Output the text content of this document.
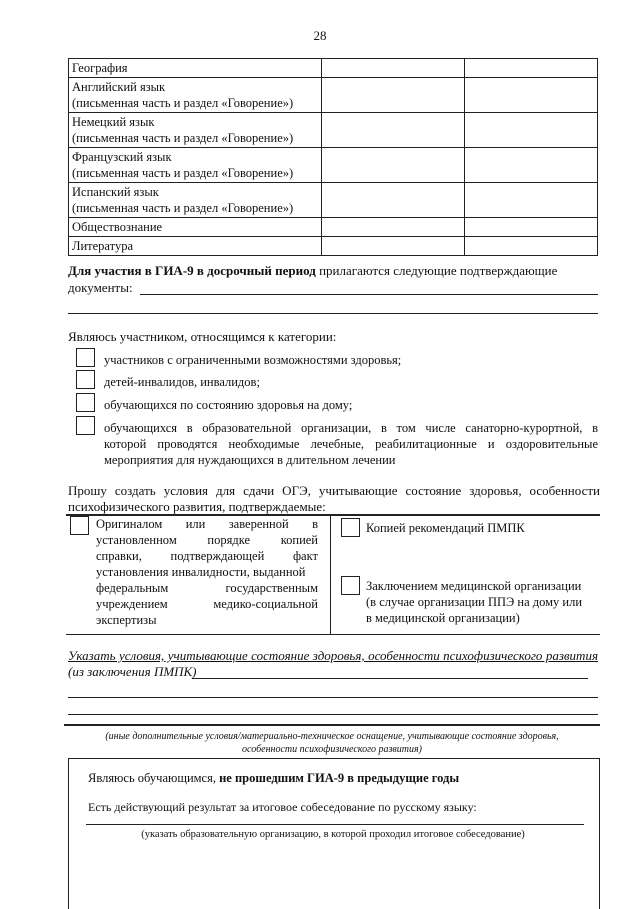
28
География		

Английский язык
(письменная часть и раздел «Говорение»)		

Немецкий язык
(письменная часть и раздел «Говорение»)		

Французский язык
(письменная часть и раздел «Говорение»)		

Испанский язык
(письменная часть и раздел «Говорение»)		

Обществознание		

Литература		

Для участия в ГИА-9 в досрочный период прилагаются следующие подтверждающие
документы:
Являюсь участником, относящимся к категории:
участников с ограниченными возможностями здоровья;
детей-инвалидов, инвалидов;
обучающихся по состоянию здоровья на дому;
обучающихся в образовательной организации, в том числе санаторно-курортной, в
которой проводятся необходимые лечебные, реабилитационные и оздоровительные
мероприятия для нуждающихся в длительном лечении
Прошу создать условия для сдачи ОГЭ, учитывающие состояние здоровья, особенности
психофизического развития, подтверждаемые:
Оригиналом или заверенной в
установленном порядке копией
справки, подтверждающей факт
установления инвалидности, выданной
федеральным	государственным
учреждением	медико-социальной
экспертизы
Копией рекомендаций ПМПК
Заключением медицинской организации
(в случае организации ППЭ на дому или
в медицинской организации)
Указать условия, учитывающие состояние здоровья, особенности психофизического развития
(из заключения ПМПК)
(иные дополнительные условия/материально-техническое оснащение, учитывающие состояние здоровья,
особенности психофизического развития)
Являюсь обучающимся, не прошедшим ГИА-9 в предыдущие годы
Есть действующий результат за итоговое собеседование по русскому языку:
(указать образовательную организацию, в которой проходил итоговое собеседование)
